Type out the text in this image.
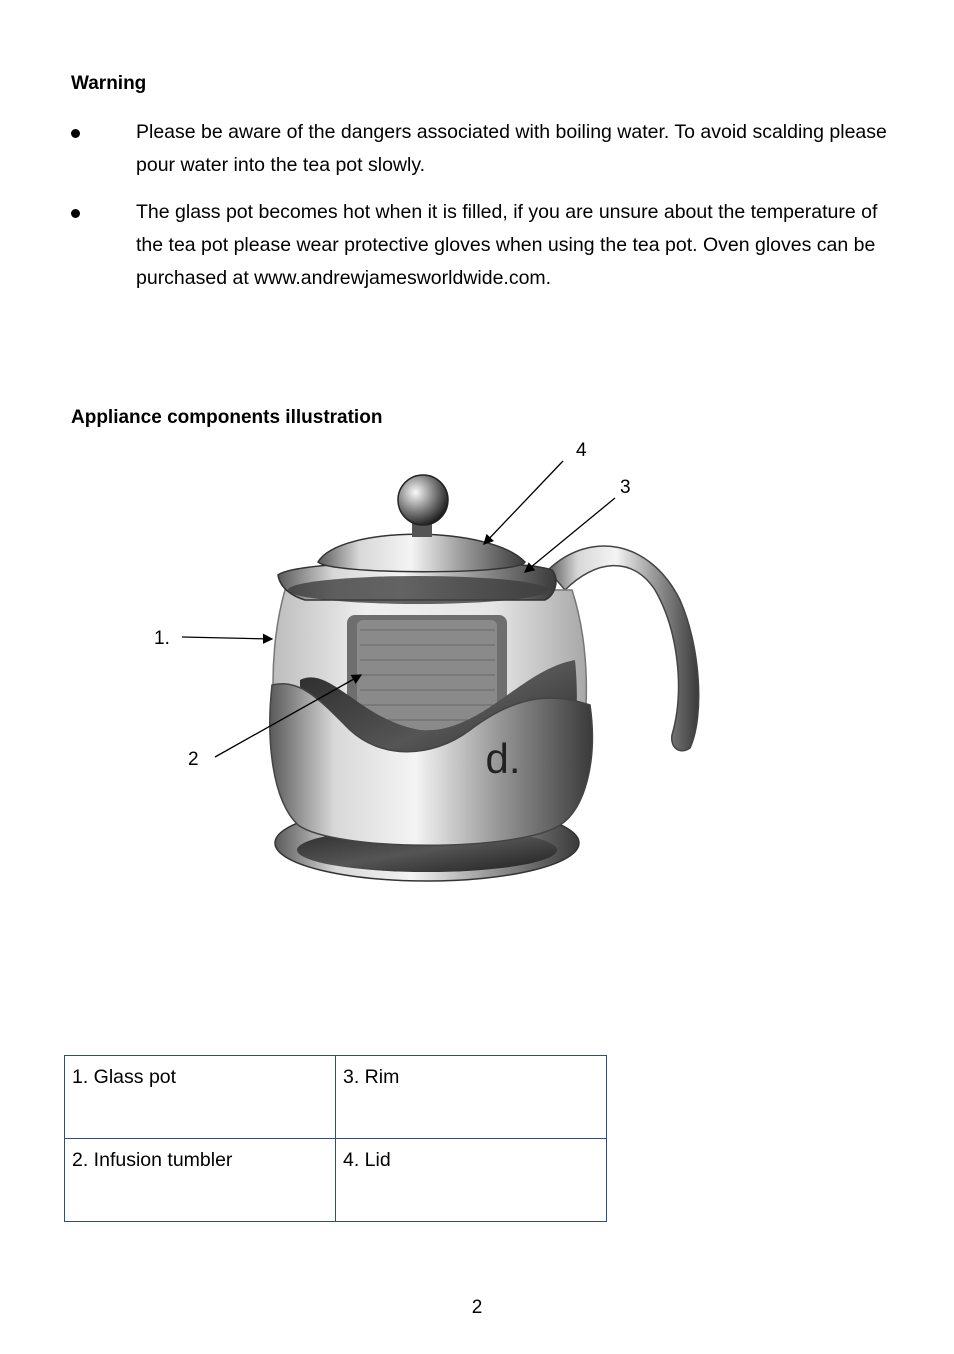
Warning

Please be aware of the dangers associated with boiling water. To avoid scalding please pour water into the tea pot slowly.
The glass pot becomes hot when it is filled, if you are unsure about the temperature of the tea pot please wear protective gloves when using the tea pot. Oven gloves can be purchased at www.andrewjamesworldwide.com.

Appliance components illustration

d.

4

3

1.

2

1. Glass pot	3. Rim
2. Infusion tumbler	4. Lid

2
